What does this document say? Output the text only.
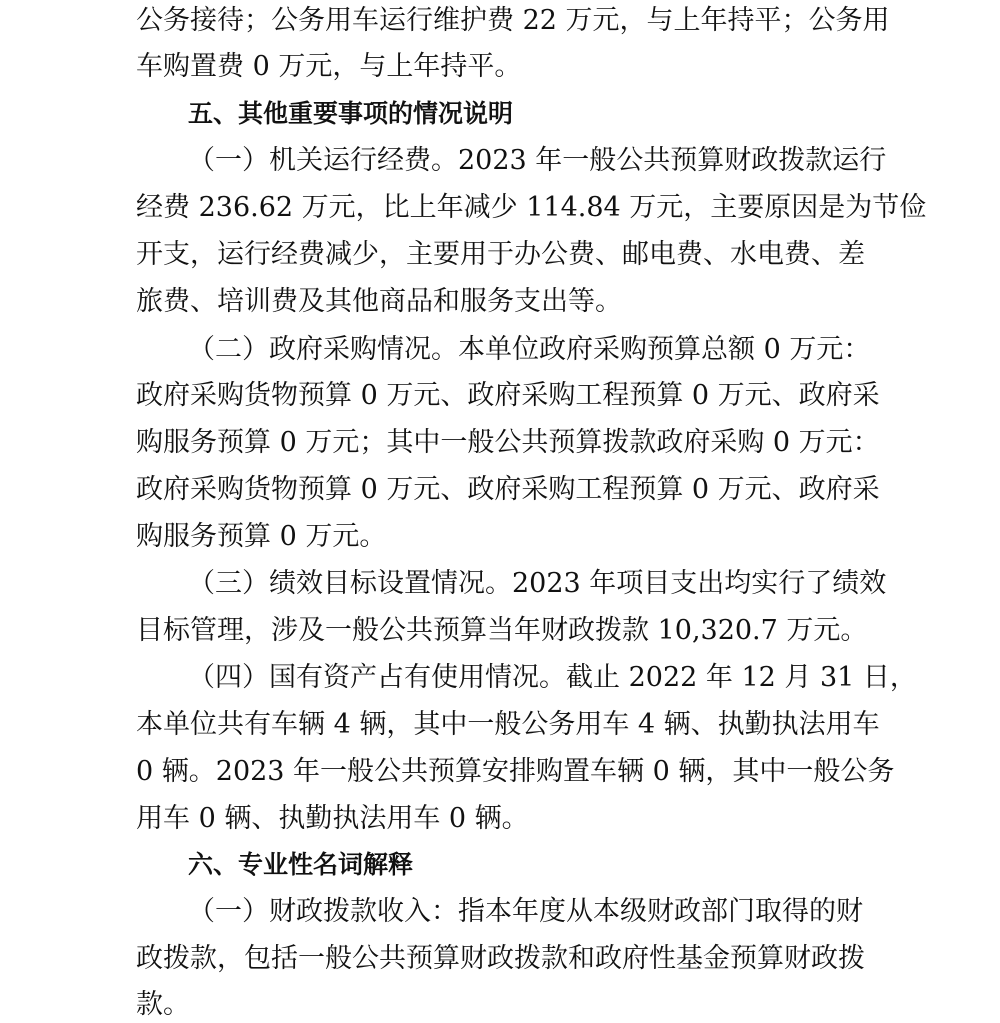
公务接待；公务用车运行维护费 22 万元，与上年持平；公务用
车购置费 0 万元，与上年持平。
五、其他重要事项的情况说明
（一）机关运行经费。2023 年一般公共预算财政拨款运行
经费 236.62 万元，比上年减少 114.84 万元，主要原因是为节俭
开支，运行经费减少，主要用于办公费、邮电费、水电费、差
旅费、培训费及其他商品和服务支出等。
（二）政府采购情况。本单位政府采购预算总额 0 万元：
政府采购货物预算 0 万元、政府采购工程预算 0 万元、政府采
购服务预算 0 万元；其中一般公共预算拨款政府采购 0 万元：
政府采购货物预算 0 万元、政府采购工程预算 0 万元、政府采
购服务预算 0 万元。
（三）绩效目标设置情况。2023 年项目支出均实行了绩效
目标管理，涉及一般公共预算当年财政拨款 10,320.7 万元。
（四）国有资产占有使用情况。截止 2022 年 12 月 31 日，
本单位共有车辆 4 辆，其中一般公务用车 4 辆、执勤执法用车
0 辆。2023 年一般公共预算安排购置车辆 0 辆，其中一般公务
用车 0 辆、执勤执法用车 0 辆。
六、专业性名词解释
（一）财政拨款收入：指本年度从本级财政部门取得的财
政拨款，包括一般公共预算财政拨款和政府性基金预算财政拨
款。
